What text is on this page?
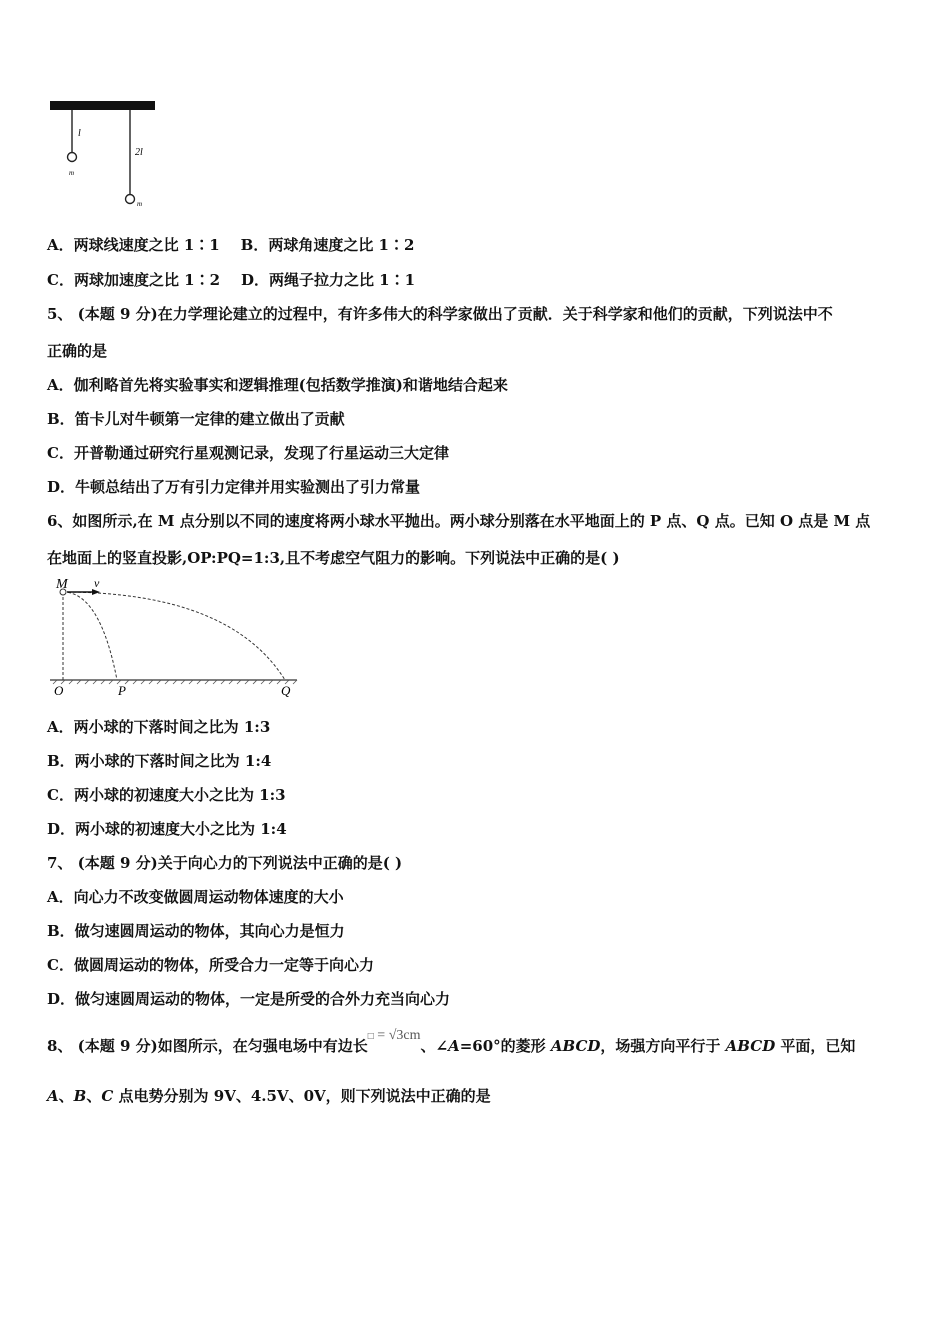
l
2l
m
m
A．两球线速度之比 1∶1 B．两球角速度之比 1∶2
C．两球加速度之比 1∶2 D．两绳子拉力之比 1∶1
5、 (本题 9 分)在力学理论建立的过程中，有许多伟大的科学家做出了贡献．关于科学家和他们的贡献，下列说法中不
正确的是
A．伽利略首先将实验事实和逻辑推理(包括数学推演)和谐地结合起来
B．笛卡儿对牛顿第一定律的建立做出了贡献
C．开普勒通过研究行星观测记录，发现了行星运动三大定律
D．牛顿总结出了万有引力定律并用实验测出了引力常量
6、如图所示,在 M 点分别以不同的速度将两小球水平抛出。两小球分别落在水平地面上的 P 点、Q 点。已知 O 点是 M 点
在地面上的竖直投影,OP:PQ=1:3,且不考虑空气阻力的影响。下列说法中正确的是( )
M v
O	P	Q
A．两小球的下落时间之比为 1:3
B．两小球的下落时间之比为 1:4
C．两小球的初速度大小之比为 1:3
D．两小球的初速度大小之比为 1:4
7、 (本题 9 分)关于向心力的下列说法中正确的是( )
A．向心力不改变做圆周运动物体速度的大小
B．做匀速圆周运动的物体，其向心力是恒力
C．做圆周运动的物体，所受合力一定等于向心力
D．做匀速圆周运动的物体，一定是所受的合外力充当向心力
8、 (本题 9 分)如图所示，在匀强电场中有边长□ = √3cm、∠A=60°的菱形 ABCD，场强方向平行于 ABCD 平面，已知
A、B、C 点电势分别为 9V、4.5V、0V，则下列说法中正确的是
